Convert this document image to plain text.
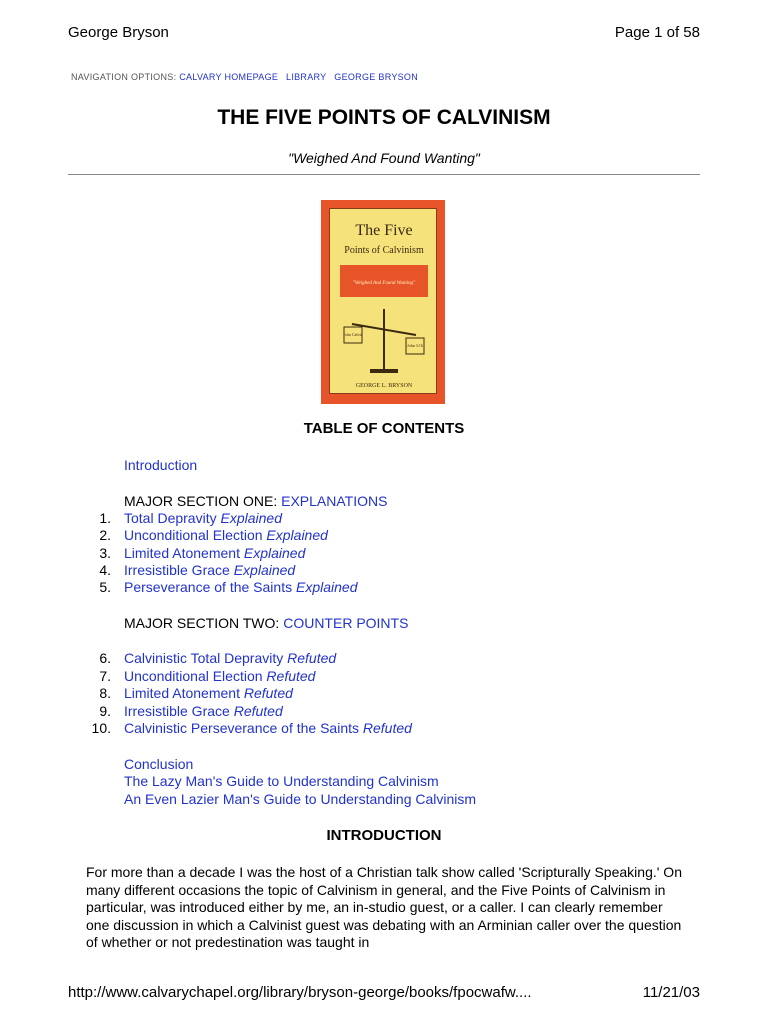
George Bryson	Page 1 of 58
NAVIGATION OPTIONS: CALVARY HOMEPAGE LIBRARY GEORGE BRYSON
THE FIVE POINTS OF CALVINISM
"Weighed And Found Wanting"
The Five
Points of Calvinism
"Weighed And Found Wanting"
John Calvin
John 3:16
GEORGE L. BRYSON
TABLE OF CONTENTS
Introduction
MAJOR SECTION ONE: EXPLANATIONS
1. Total Depravity Explained
2. Unconditional Election Explained
3. Limited Atonement Explained
4. Irresistible Grace Explained
5. Perseverance of the Saints Explained
MAJOR SECTION TWO: COUNTER POINTS
6. Calvinistic Total Depravity Refuted
7. Unconditional Election Refuted
8. Limited Atonement Refuted
9. Irresistible Grace Refuted
10. Calvinistic Perseverance of the Saints Refuted
Conclusion
The Lazy Man's Guide to Understanding Calvinism
An Even Lazier Man's Guide to Understanding Calvinism
INTRODUCTION
For more than a decade I was the host of a Christian talk show called 'Scripturally Speaking.' On many different occasions the topic of Calvinism in general, and the Five Points of Calvinism in particular, was introduced either by me, an in-studio guest, or a caller. I can clearly remember one discussion in which a Calvinist guest was debating with an Arminian caller over the question of whether or not predestination was taught in
http://www.calvarychapel.org/library/bryson-george/books/fpocwafw....	11/21/03
